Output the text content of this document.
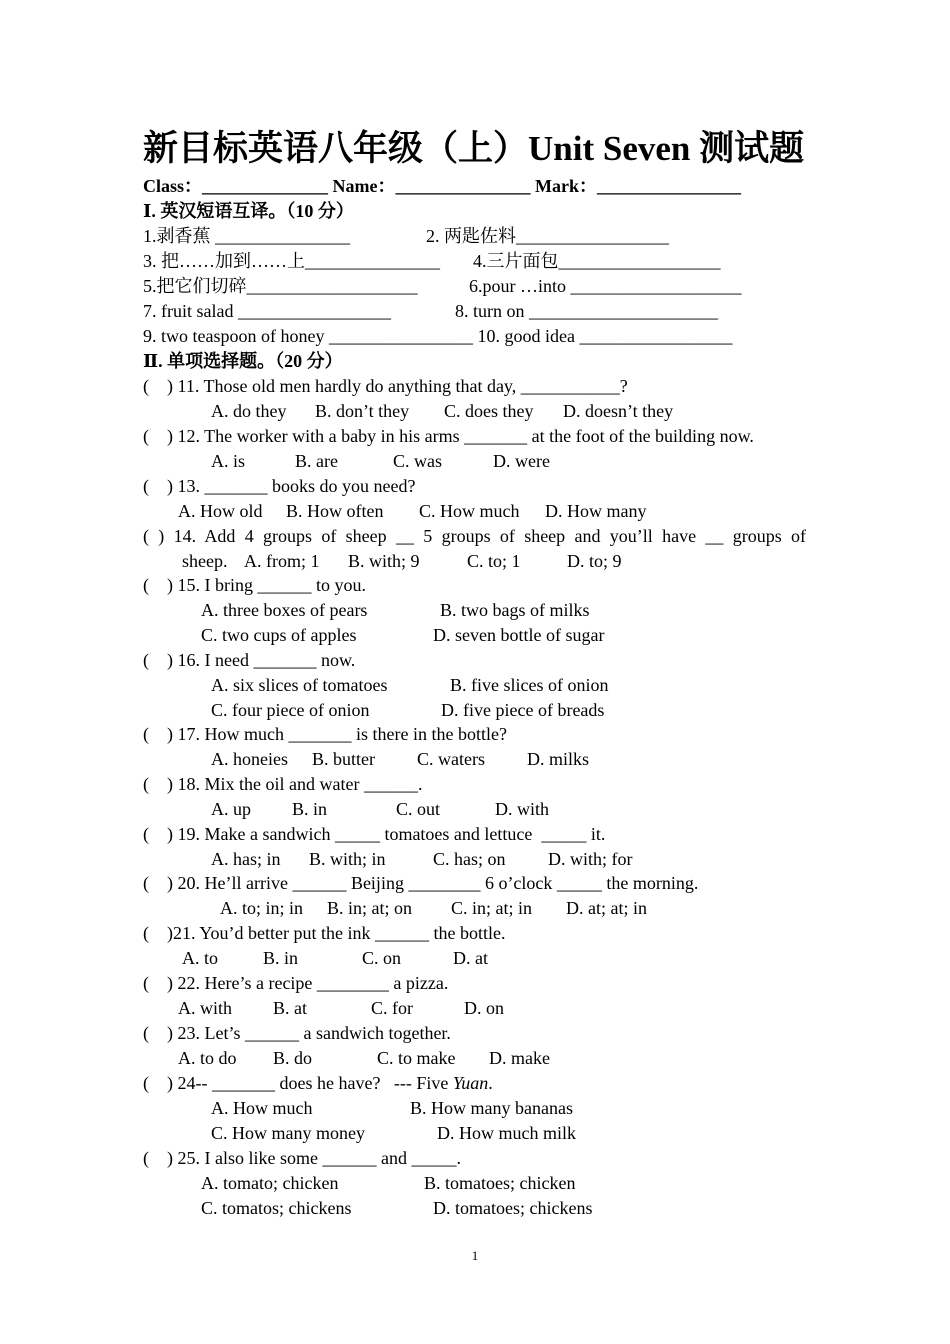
新目标英语八年级（上）Unit Seven 测试题
Class：______________ Name：_______________ Mark：________________
Ⅰ. 英汉短语互译。（10 分）
1.剥香蕉 _______________	2. 两匙佐料_________________
3. 把……加到……上_______________ 4.三片面包__________________
5.把它们切碎___________________	6.pour …into ___________________
7. fruit salad _________________	8. turn on _____________________
9. two teaspoon of honey ________________ 10. good idea _________________
Ⅱ. 单项选择题。（20 分）
(    ) 11. Those old men hardly do anything that day, ___________?
A. do they B. don’t they C. does they D. doesn’t they
(    ) 12. The worker with a baby in his arms _______ at the foot of the building now.
A. is	B. are	C. was	D. were
(    ) 13. _______ books do you need?
A. How old B. How often C. How much D. How many
( ) 14. Add 4 groups of sheep __ 5 groups of sheep and you’ll have __ groups of
sheep. A. from; 1 B. with; 9	C. to; 1	D. to; 9
(    ) 15. I bring ______ to you.
A. three boxes of pears	B. two bags of milks
C. two cups of apples	D. seven bottle of sugar
(    ) 16. I need _______ now.
A. six slices of tomatoes	B. five slices of onion
C. four piece of onion	D. five piece of breads
(    ) 17. How much _______ is there in the bottle?
A. honeies B. butter C. waters D. milks
(    ) 18. Mix the oil and water ______.
A. up B. in	C. out	D. with
(    ) 19. Make a sandwich _____ tomatoes and lettuce  _____ it.
A. has; in B. with; in	C. has; on D. with; for
(    ) 20. He’ll arrive ______ Beijing ________ 6 o’clock _____ the morning.
A. to; in; in B. in; at; on C. in; at; in D. at; at; in
(    )21. You’d better put the ink ______ the bottle.
A. to	B. in	C. on	D. at
(    ) 22. Here’s a recipe ________ a pizza.
A. with B. at	C. for	D. on
(    ) 23. Let’s ______ a sandwich together.
A. to do B. do	C. to make D. make
(    ) 24-- _______ does he have?   --- Five Yuan.
A. How much	B. How many bananas
C. How many money	D. How much milk
(    ) 25. I also like some ______ and _____.
A. tomato; chicken	B. tomatoes; chicken
C. tomatos; chickens	D. tomatoes; chickens
1
